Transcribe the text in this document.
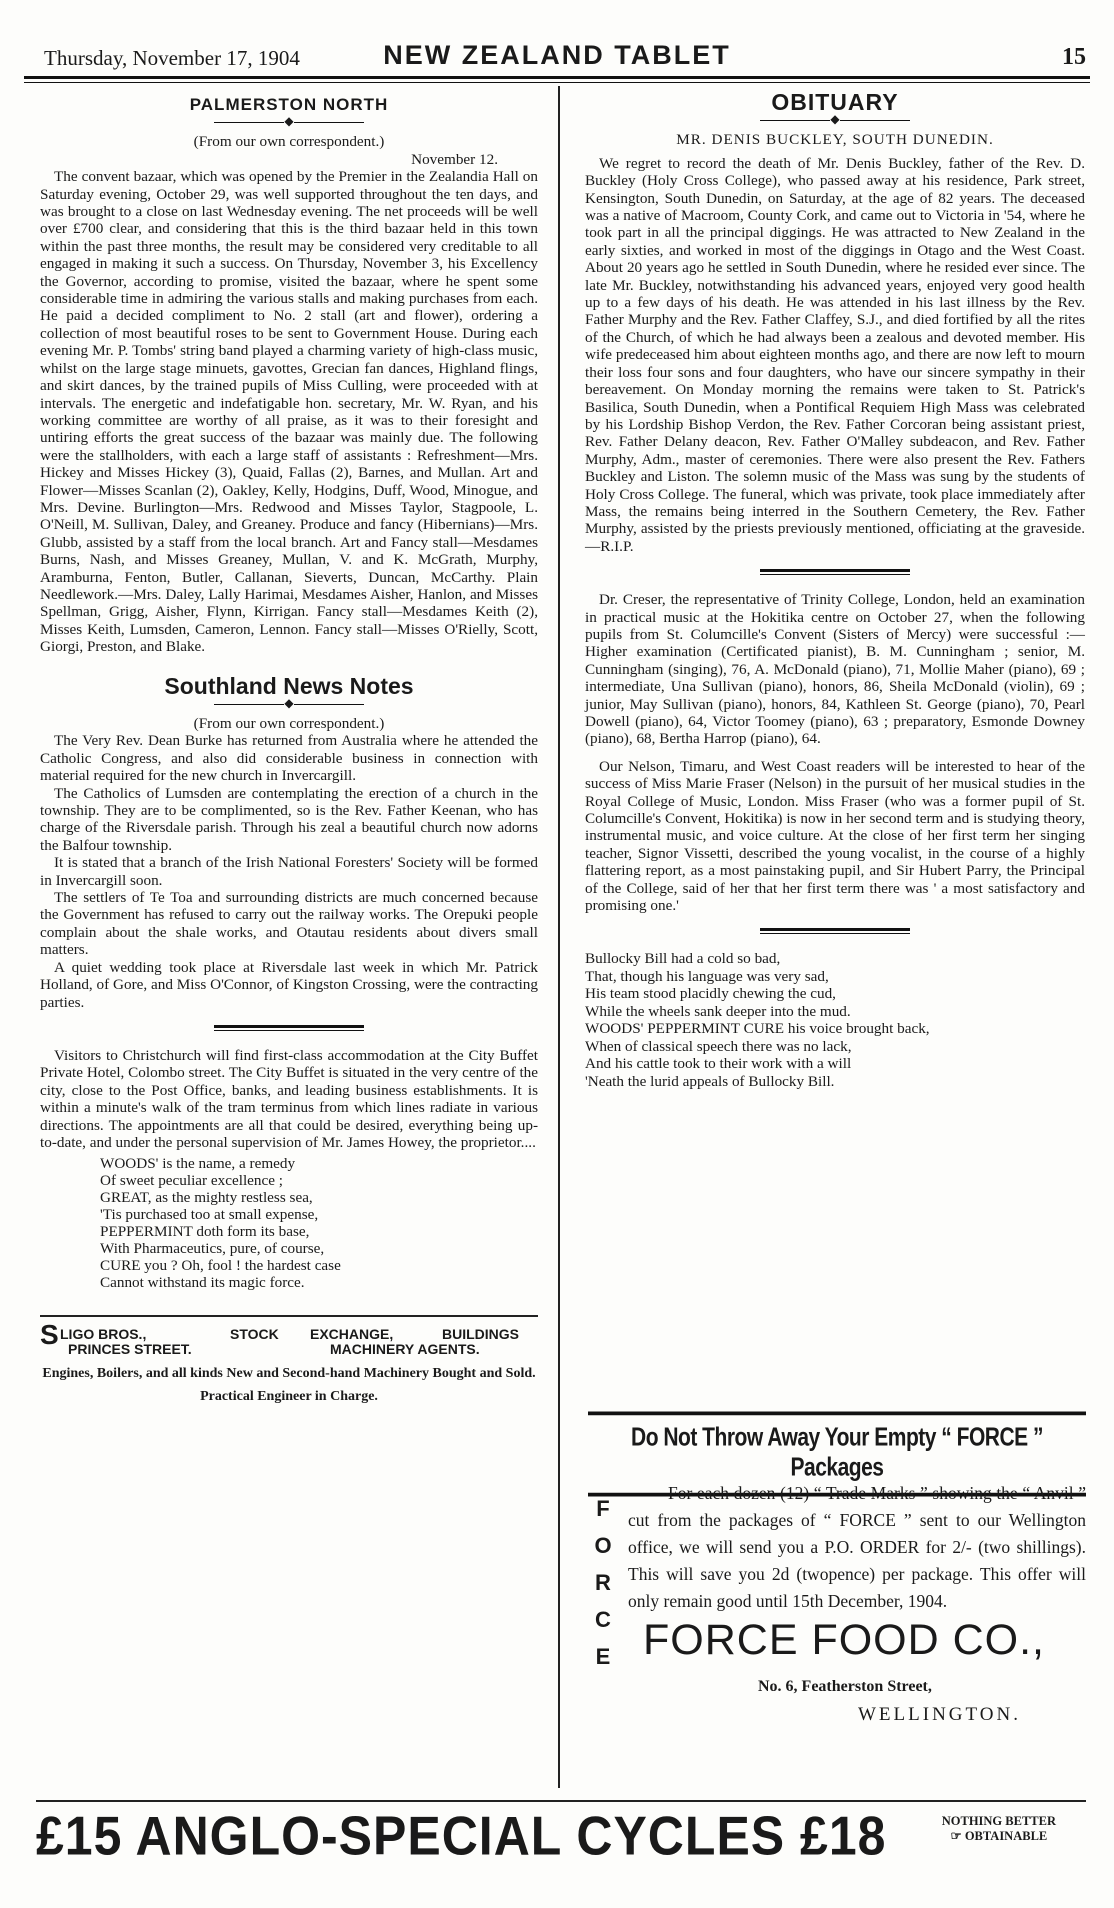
Thursday, November 17, 1904	NEW ZEALAND TABLET	15

PALMERSTON NORTH

◆

(From our own correspondent.)

November 12.

The convent bazaar, which was opened by the Premier in the Zealandia Hall on Saturday evening, October 29, was well supported throughout the ten days, and was brought to a close on last Wednesday evening. The net proceeds will be well over £700 clear, and considering that this is the third bazaar held in this town within the past three months, the result may be considered very creditable to all engaged in making it such a success. On Thursday, November 3, his Excellency the Governor, according to promise, visited the bazaar, where he spent some considerable time in admiring the various stalls and making purchases from each. He paid a decided compliment to No. 2 stall (art and flower), ordering a collection of most beautiful roses to be sent to Government House. During each evening Mr. P. Tombs' string band played a charming variety of high-class music, whilst on the large stage minuets, gavottes, Grecian fan dances, Highland flings, and skirt dances, by the trained pupils of Miss Culling, were proceeded with at intervals. The energetic and indefatigable hon. secretary, Mr. W. Ryan, and his working committee are worthy of all praise, as it was to their foresight and untiring efforts the great success of the bazaar was mainly due. The following were the stallholders, with each a large staff of assistants : Refreshment—Mrs. Hickey and Misses Hickey (3), Quaid, Fallas (2), Barnes, and Mullan. Art and Flower—Misses Scanlan (2), Oakley, Kelly, Hodgins, Duff, Wood, Minogue, and Mrs. Devine. Burlington—Mrs. Redwood and Misses Taylor, Stagpoole, L. O'Neill, M. Sullivan, Daley, and Greaney. Produce and fancy (Hibernians)—Mrs. Glubb, assisted by a staff from the local branch. Art and Fancy stall—Mesdames Burns, Nash, and Misses Greaney, Mullan, V. and K. McGrath, Murphy, Aramburna, Fenton, Butler, Callanan, Sieverts, Duncan, McCarthy. Plain Needlework.—Mrs. Daley, Lally Harimai, Mesdames Aisher, Hanlon, and Misses Spellman, Grigg, Aisher, Flynn, Kirrigan. Fancy stall—Mesdames Keith (2), Misses Keith, Lumsden, Cameron, Lennon. Fancy stall—Misses O'Rielly, Scott, Giorgi, Preston, and Blake.

Southland News Notes

◆

(From our own correspondent.)

The Very Rev. Dean Burke has returned from Australia where he attended the Catholic Congress, and also did considerable business in connection with material required for the new church in Invercargill.

The Catholics of Lumsden are contemplating the erection of a church in the township. They are to be complimented, so is the Rev. Father Keenan, who has charge of the Riversdale parish. Through his zeal a beautiful church now adorns the Balfour township.

It is stated that a branch of the Irish National Foresters' Society will be formed in Invercargill soon.

The settlers of Te Toa and surrounding districts are much concerned because the Government has refused to carry out the railway works. The Orepuki people complain about the shale works, and Otautau residents about divers small matters.

A quiet wedding took place at Riversdale last week in which Mr. Patrick Holland, of Gore, and Miss O'Connor, of Kingston Crossing, were the contracting parties.

Visitors to Christchurch will find first-class accommodation at the City Buffet Private Hotel, Colombo street. The City Buffet is situated in the very centre of the city, close to the Post Office, banks, and leading business establishments. It is within a minute's walk of the tram terminus from which lines radiate in various directions. The appointments are all that could be desired, everything being up-to-date, and under the personal supervision of Mr. James Howey, the proprietor....

WOODS' is the name, a remedy
Of sweet peculiar excellence ;
GREAT, as the mighty restless sea,
'Tis purchased too at small expense,
PEPPERMINT doth form its base,
With Pharmaceutics, pure, of course,
CURE you ? Oh, fool ! the hardest case
Cannot withstand its magic force.
S LIGO BROS.,
PRINCES STREET.
STOCK EXCHANGE,
MACHINERY AGENTS.
BUILDINGS
Engines, Boilers, and all kinds New and Second-hand Machinery Bought and Sold.
Practical Engineer in Charge.

OBITUARY

◆

MR. DENIS BUCKLEY, SOUTH DUNEDIN.

We regret to record the death of Mr. Denis Buckley, father of the Rev. D. Buckley (Holy Cross College), who passed away at his residence, Park street, Kensington, South Dunedin, on Saturday, at the age of 82 years. The deceased was a native of Macroom, County Cork, and came out to Victoria in '54, where he took part in all the principal diggings. He was attracted to New Zealand in the early sixties, and worked in most of the diggings in Otago and the West Coast. About 20 years ago he settled in South Dunedin, where he resided ever since. The late Mr. Buckley, notwithstanding his advanced years, enjoyed very good health up to a few days of his death. He was attended in his last illness by the Rev. Father Murphy and the Rev. Father Claffey, S.J., and died fortified by all the rites of the Church, of which he had always been a zealous and devoted member. His wife predeceased him about eighteen months ago, and there are now left to mourn their loss four sons and four daughters, who have our sincere sympathy in their bereavement. On Monday morning the remains were taken to St. Patrick's Basilica, South Dunedin, when a Pontifical Requiem High Mass was celebrated by his Lordship Bishop Verdon, the Rev. Father Corcoran being assistant priest, Rev. Father Delany deacon, Rev. Father O'Malley subdeacon, and Rev. Father Murphy, Adm., master of ceremonies. There were also present the Rev. Fathers Buckley and Liston. The solemn music of the Mass was sung by the students of Holy Cross College. The funeral, which was private, took place immediately after Mass, the remains being interred in the Southern Cemetery, the Rev. Father Murphy, assisted by the priests previously mentioned, officiating at the graveside.—R.I.P.

Dr. Creser, the representative of Trinity College, London, held an examination in practical music at the Hokitika centre on October 27, when the following pupils from St. Columcille's Convent (Sisters of Mercy) were successful :—Higher examination (Certificated pianist), B. M. Cunningham ; senior, M. Cunningham (singing), 76, A. McDonald (piano), 71, Mollie Maher (piano), 69 ; intermediate, Una Sullivan (piano), honors, 86, Sheila McDonald (violin), 69 ; junior, May Sullivan (piano), honors, 84, Kathleen St. George (piano), 70, Pearl Dowell (piano), 64, Victor Toomey (piano), 63 ; preparatory, Esmonde Downey (piano), 68, Bertha Harrop (piano), 64.

Our Nelson, Timaru, and West Coast readers will be interested to hear of the success of Miss Marie Fraser (Nelson) in the pursuit of her musical studies in the Royal College of Music, London. Miss Fraser (who was a former pupil of St. Columcille's Convent, Hokitika) is now in her second term and is studying theory, instrumental music, and voice culture. At the close of her first term her singing teacher, Signor Vissetti, described the young vocalist, in the course of a highly flattering report, as a most painstaking pupil, and Sir Hubert Parry, the Principal of the College, said of her that her first term there was ' a most satisfactory and promising one.'

Bullocky Bill had a cold so bad,
That, though his language was very sad,
His team stood placidly chewing the cud,
While the wheels sank deeper into the mud.
WOODS' PEPPERMINT CURE his voice brought back,
When of classical speech there was no lack,
And his cattle took to their work with a will
'Neath the lurid appeals of Bullocky Bill.
Do Not Throw Away Your Empty “ FORCE ” Packages
F
O
R
C
E
For each dozen (12) “ Trade Marks ” showing the “ Anvil ” cut from the packages of “ FORCE ” sent to our Wellington office, we will send you a P.O. ORDER for 2/- (two shillings). This will save you 2d (twopence) per package. This offer will only remain good until 15th December, 1904.
FORCE FOOD CO.,
No. 6, Featherston Street,
WELLINGTON.
£15 ANGLO-SPECIAL CYCLES £18	NOTHING BETTER
☞ OBTAINABLE
